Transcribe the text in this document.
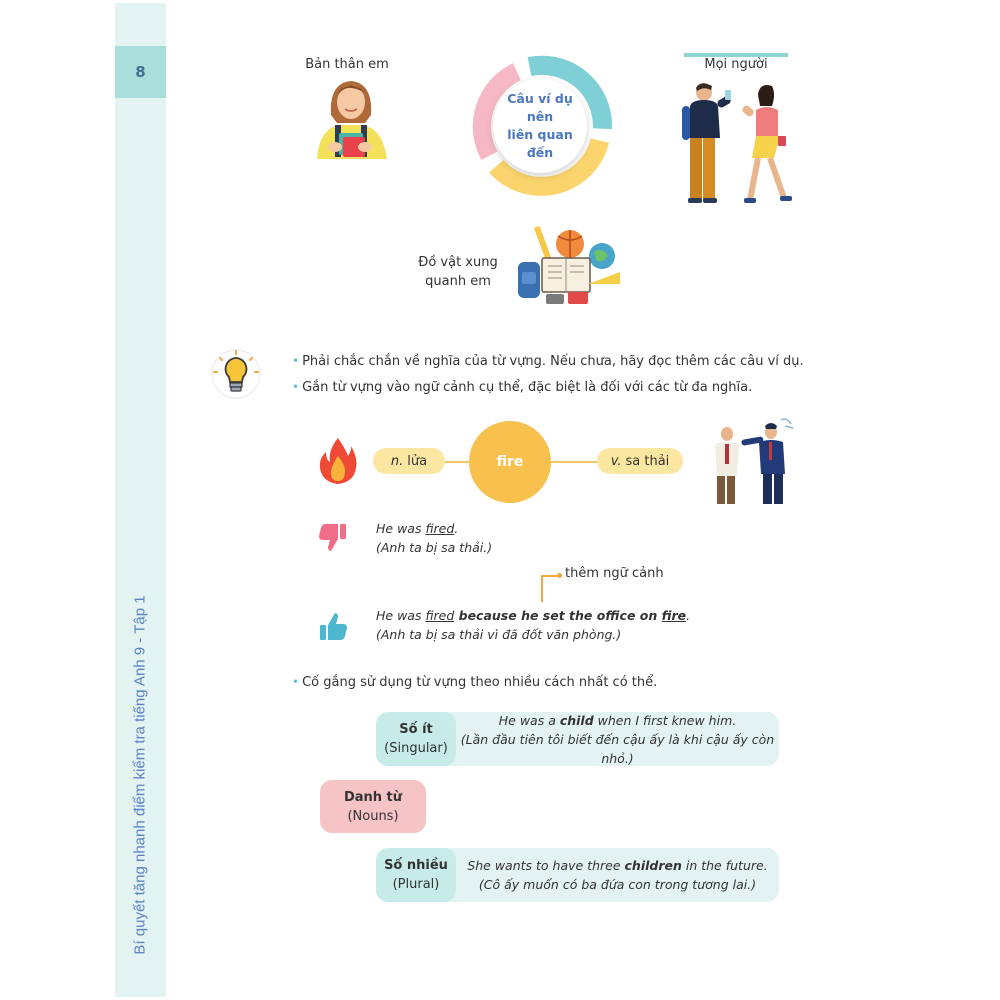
8
Bí quyết tăng nhanh điểm kiểm tra tiếng Anh 9 - Tập 1
Bản thân em
Câu ví dụ nên
liên quan đến
Mọi người
Đồ vật xung
quanh em
• Phải chắc chắn về nghĩa của từ vựng. Nếu chưa, hãy đọc thêm các câu ví dụ.
• Gắn từ vựng vào ngữ cảnh cụ thể, đặc biệt là đối với các từ đa nghĩa.
n. lửa	fire	v. sa thải
He was fired.
(Anh ta bị sa thải.)
thêm ngữ cảnh
He was fired because he set the office on fire.
(Anh ta bị sa thải vì đã đốt văn phòng.)
• Cố gắng sử dụng từ vựng theo nhiều cách nhất có thể.
Số ít
(Singular)
He was a child when I first knew him.
(Lần đầu tiên tôi biết đến cậu ấy là khi cậu ấy còn nhỏ.)
Danh từ
(Nouns)
Số nhiều
(Plural)
She wants to have three children in the future.
(Cô ấy muốn có ba đứa con trong tương lai.)
